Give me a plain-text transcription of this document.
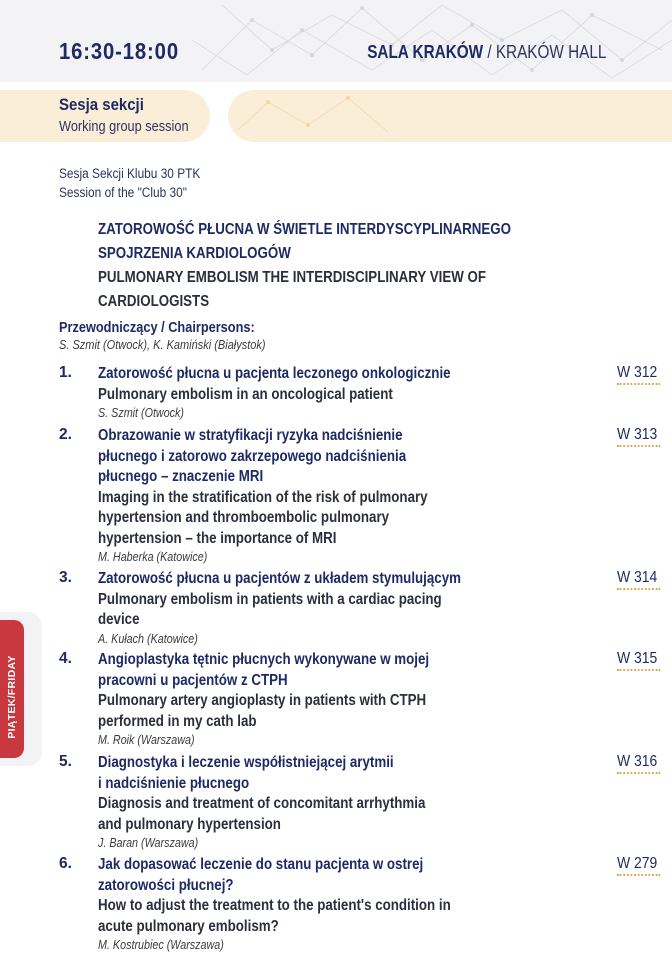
16:30-18:00	SALA KRAKÓW / KRAKÓW HALL
Sesja sekcji
Working group session
Sesja Sekcji Klubu 30 PTK
Session of the "Club 30"
ZATOROWOŚĆ PŁUCNA W ŚWIETLE INTERDYSCYPLINARNEGO
SPOJRZENIA KARDIOLOGÓW
PULMONARY EMBOLISM THE INTERDISCIPLINARY VIEW OF
CARDIOLOGISTS
Przewodniczący / Chairpersons:
S. Szmit (Otwock), K. Kamiński (Białystok)
1. Zatorowość płucna u pacjenta leczonego onkologicznie
Pulmonary embolism in an oncological patient
S. Szmit (Otwock)
W 312
2. Obrazowanie w stratyfikacji ryzyka nadciśnienie
płucnego i zatorowo zakrzepowego nadciśnienia
płucnego – znaczenie MRI
Imaging in the stratification of the risk of pulmonary
hypertension and thromboembolic pulmonary
hypertension – the importance of MRI
M. Haberka (Katowice)
W 313
3. Zatorowość płucna u pacjentów z układem stymulującym
Pulmonary embolism in patients with a cardiac pacing
device
A. Kułach (Katowice)
W 314
4. Angioplastyka tętnic płucnych wykonywane w mojej
pracowni u pacjentów z CTPH
Pulmonary artery angioplasty in patients with CTPH
performed in my cath lab
M. Roik (Warszawa)
W 315
5. Diagnostyka i leczenie współistniejącej arytmii
i nadciśnienie płucnego
Diagnosis and treatment of concomitant arrhythmia
and pulmonary hypertension
J. Baran (Warszawa)
W 316
6. Jak dopasować leczenie do stanu pacjenta w ostrej
zatorowości płucnej?
How to adjust the treatment to the patient's condition in
acute pulmonary embolism?
M. Kostrubiec (Warszawa)
W 279
PIĄTEK/FRIDAY
